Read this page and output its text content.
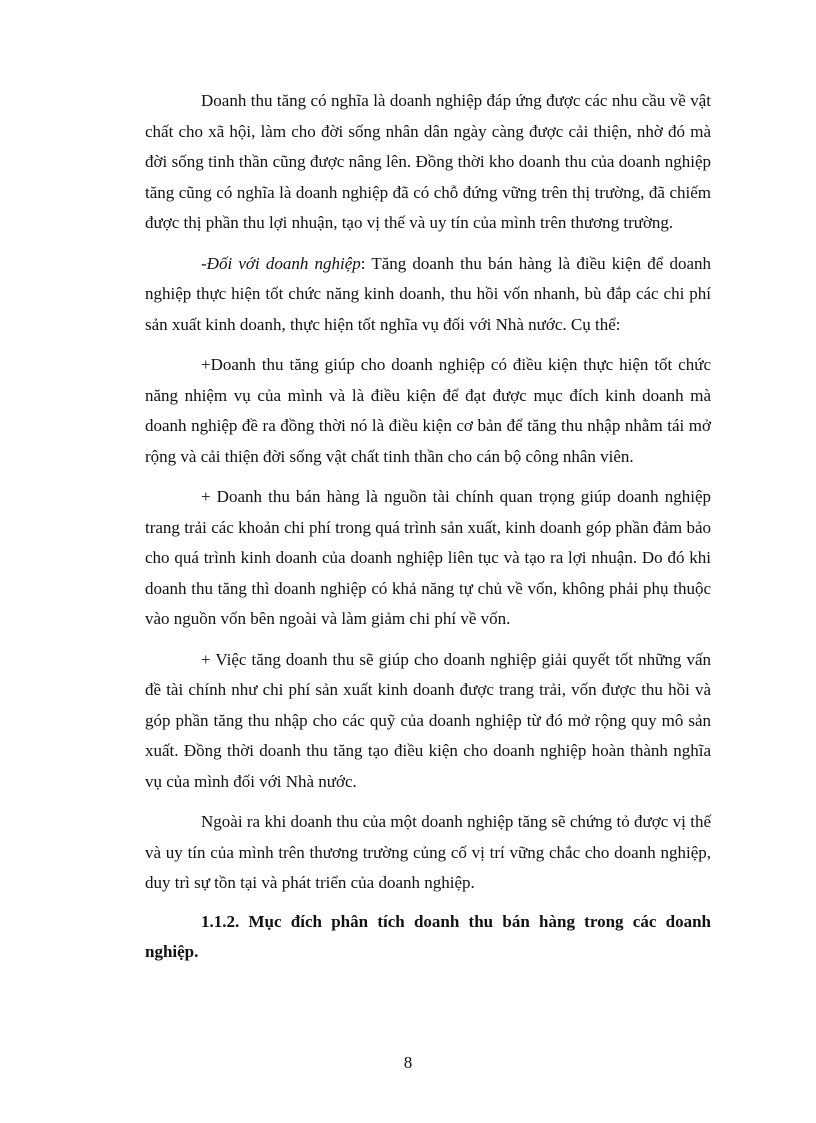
Doanh thu tăng có nghĩa là doanh nghiệp đáp ứng được các nhu cầu về vật chất cho xã hội, làm cho đời sống nhân dân ngày càng được cải thiện, nhờ đó mà đời sống tinh thần cũng được nâng lên. Đồng thời kho doanh thu của doanh nghiệp tăng cũng có nghĩa là doanh nghiệp đã có chỗ đứng vững trên thị trường, đã chiếm được thị phần thu lợi nhuận, tạo vị thế và uy tín của mình trên thương trường.

-Đối với doanh nghiệp: Tăng doanh thu bán hàng là điều kiện để doanh nghiệp thực hiện tốt chức năng kinh doanh, thu hồi vốn nhanh, bù đắp các chi phí sản xuất kinh doanh, thực hiện tốt nghĩa vụ đối với Nhà nước. Cụ thể:

+Doanh thu tăng giúp cho doanh nghiệp có điều kiện thực hiện tốt chức năng nhiệm vụ của mình và là điều kiện để đạt được mục đích kinh doanh mà doanh nghiệp đề ra đồng thời nó là điều kiện cơ bản để tăng thu nhập nhằm tái mở rộng và cải thiện đời sống vật chất tinh thần cho cán bộ công nhân viên.

+ Doanh thu bán hàng là nguồn tài chính quan trọng giúp doanh nghiệp trang trải các khoản chi phí trong quá trình sản xuất, kinh doanh góp phần đảm bảo cho quá trình kinh doanh của doanh nghiệp liên tục và tạo ra lợi nhuận. Do đó khi doanh thu tăng thì doanh nghiệp có khả năng tự chủ về vốn, không phải phụ thuộc vào nguồn vốn bên ngoài và làm giảm chi phí về vốn.

+ Việc tăng doanh thu sẽ giúp cho doanh nghiệp giải quyết tốt những vấn đề tài chính như chi phí sản xuất kinh doanh được trang trải, vốn được thu hồi và góp phần tăng thu nhập cho các quỹ của doanh nghiệp từ đó mở rộng quy mô sản xuất. Đồng thời doanh thu tăng tạo điều kiện cho doanh nghiệp hoàn thành nghĩa vụ của mình đối với Nhà nước.

Ngoài ra khi doanh thu của một doanh nghiệp tăng sẽ chứng tỏ được vị thế và uy tín của mình trên thương trường củng cố vị trí vững chắc cho doanh nghiệp, duy trì sự tồn tại và phát triển của doanh nghiệp.

1.1.2. Mục đích phân tích doanh thu bán hàng trong các doanh nghiệp.

8
